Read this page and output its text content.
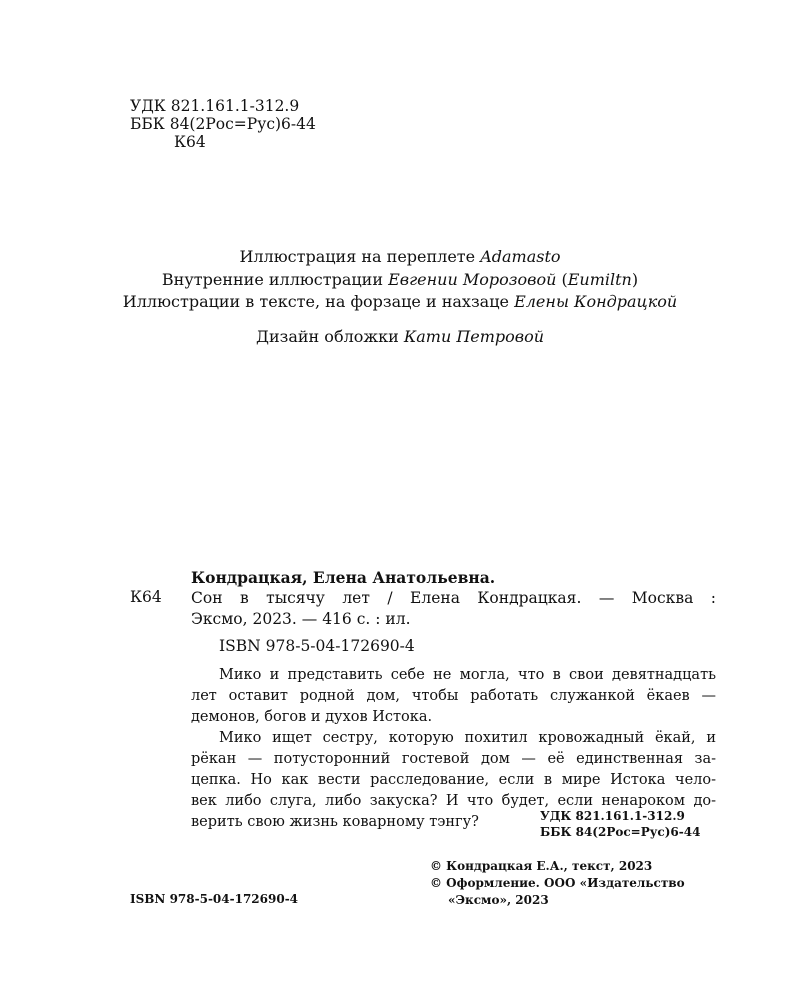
УДК 821.161.1-312.9
ББК 84(2Рос=Рус)6-44
К64
Иллюстрация на переплете Adamasto
Внутренние иллюстрации Евгении Морозовой (Eumiltn)
Иллюстрации в тексте, на форзаце и нахзаце Елены Кондрацкой
Дизайн обложки Кати Петровой
Кондрацкая, Елена Анатольевна.
К64 Сон в тысячу лет / Елена Кондрацкая. — Москва :
Эксмо, 2023. — 416 с. : ил.
ISBN 978-5-04-172690-4
Мико и представить себе не могла, что в свои девятнадцать
лет оставит родной дом, чтобы работать служанкой ёкаев —
демонов, богов и духов Истока.
Мико ищет сестру, которую похитил кровожадный ёкай, и
рёкан — потусторонний гостевой дом — её единственная за-
цепка. Но как вести расследование, если в мире Истока чело-
век либо слуга, либо закуска? И что будет, если ненароком до-
верить свою жизнь коварному тэнгу?	УДК 821.161.1-312.9
ББК 84(2Рос=Рус)6-44
© Кондрацкая Е.А., текст, 2023
© Оформление. ООО «Издательство
«Эксмо», 2023
ISBN 978-5-04-172690-4
